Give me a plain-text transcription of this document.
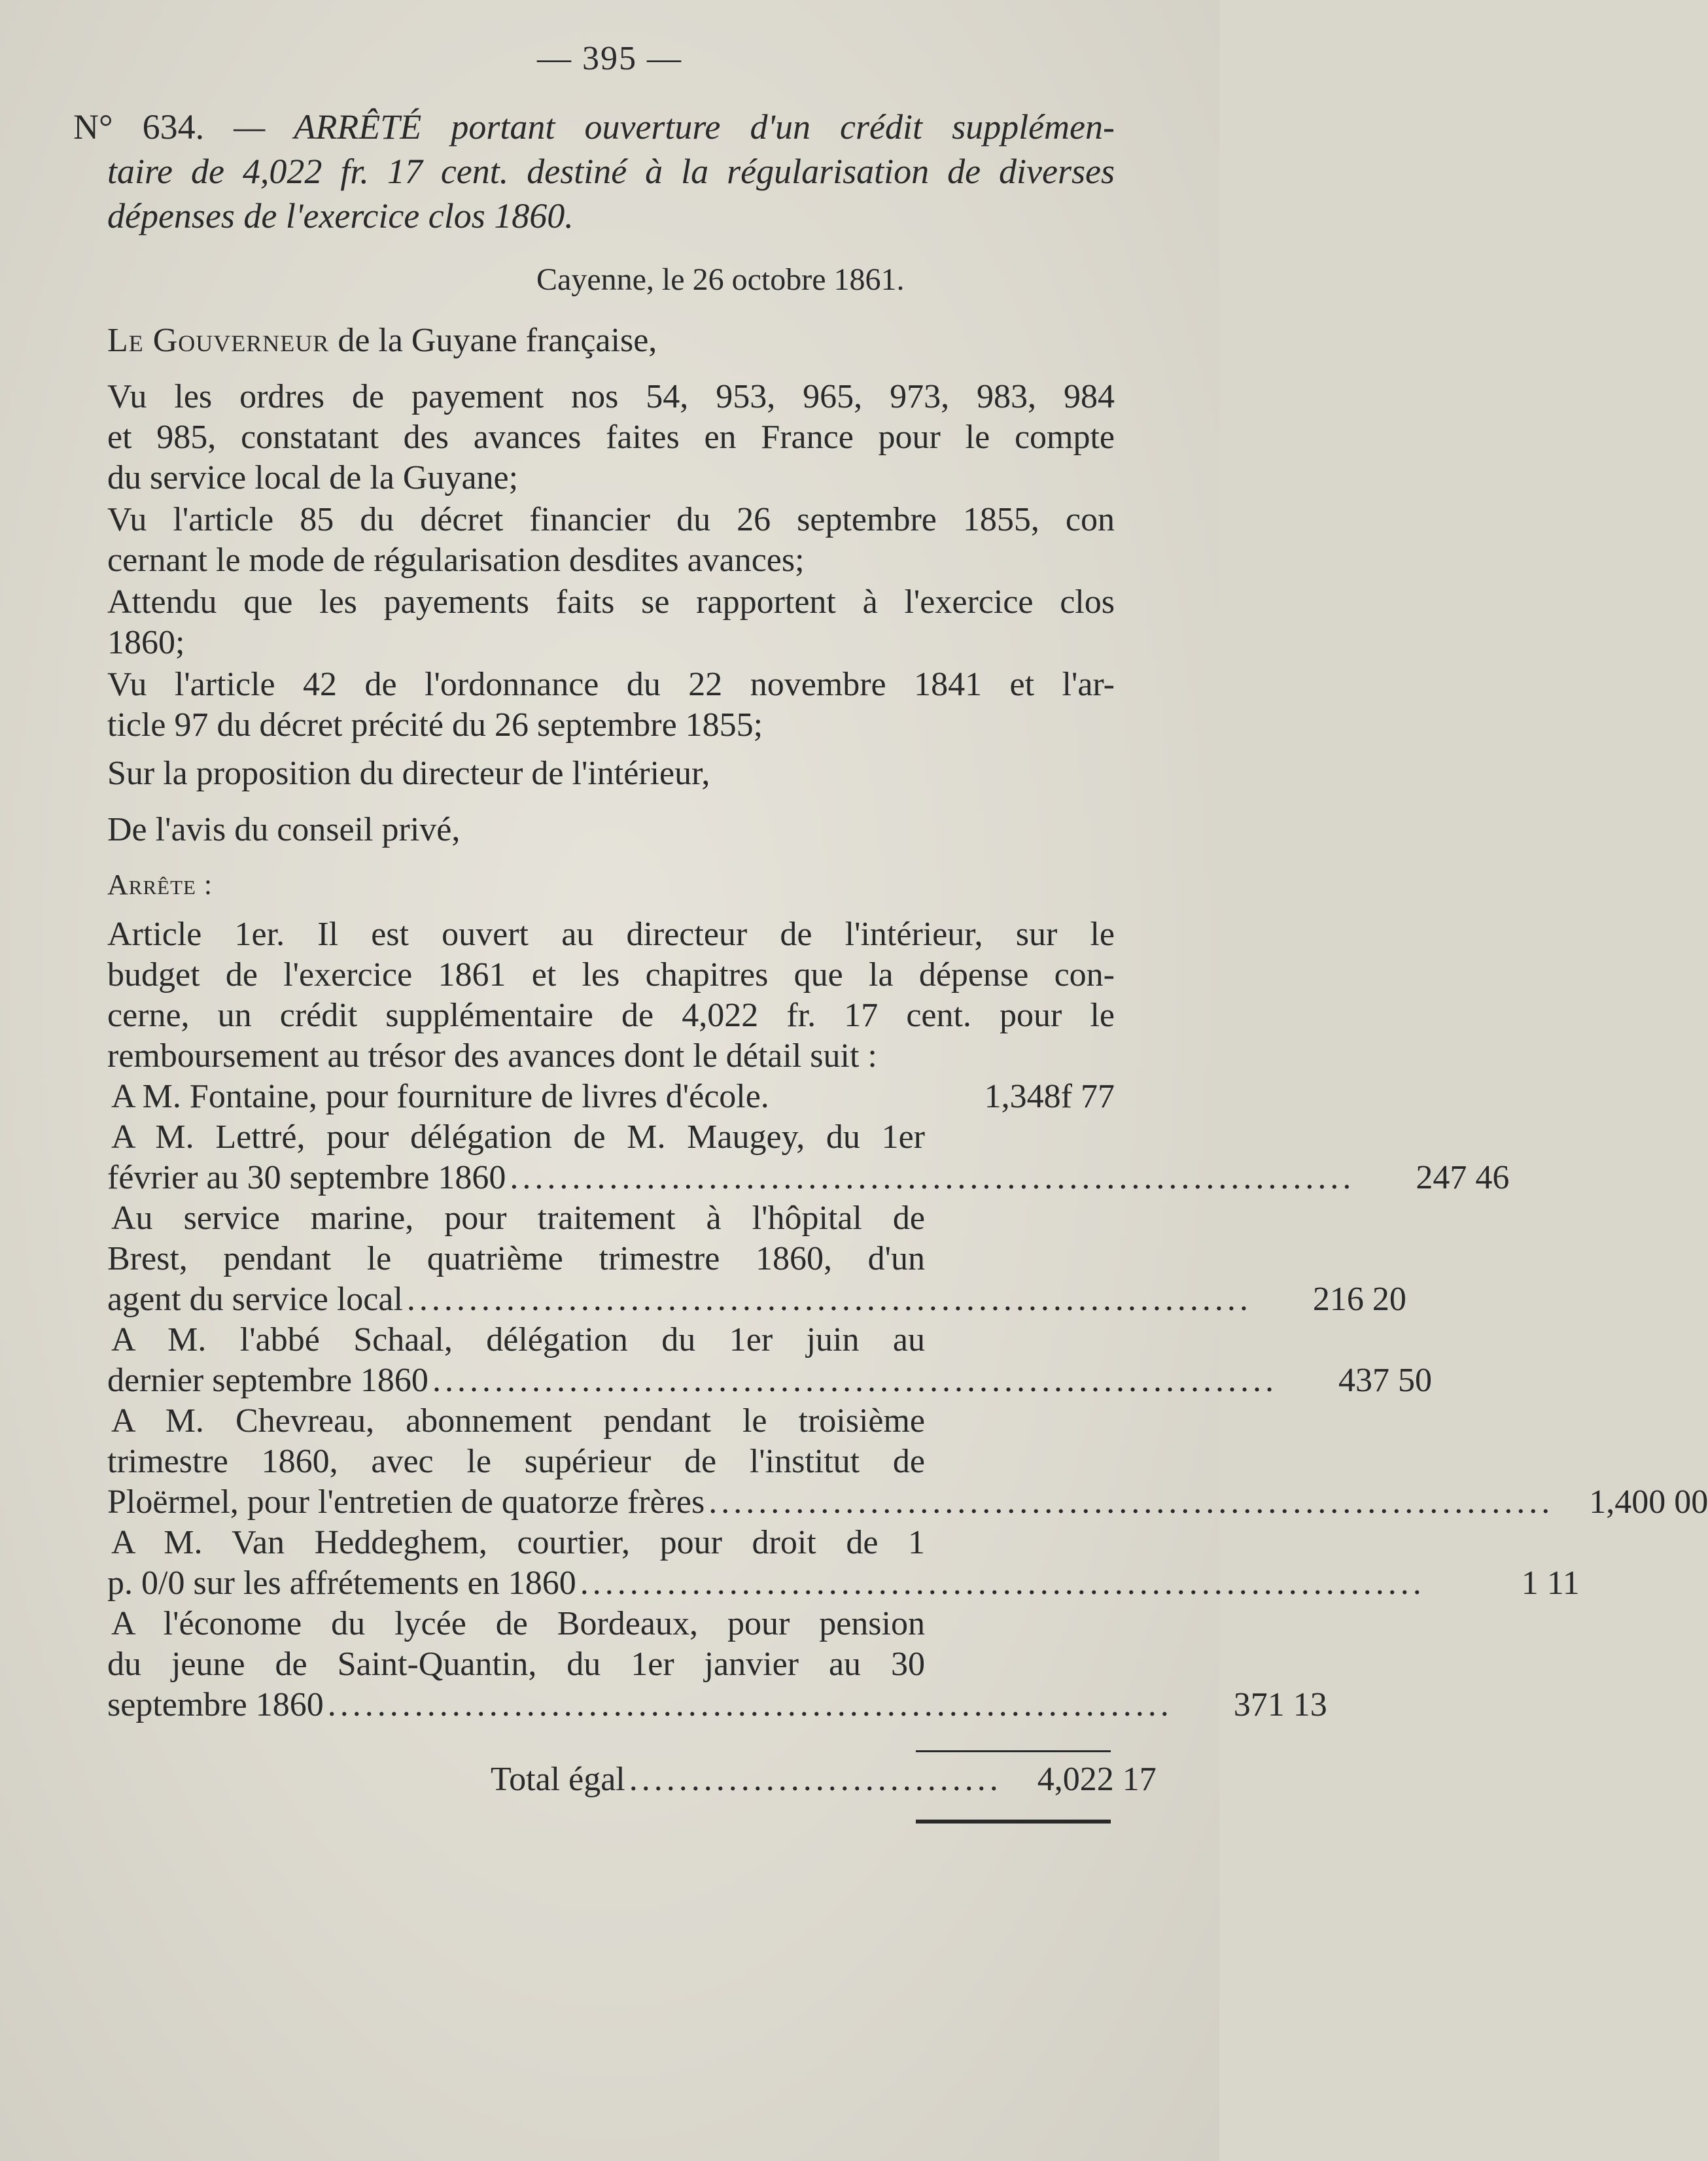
— 395 —
N° 634. — ARRÊTÉ portant ouverture d'un crédit supplémen-
taire de 4,022 fr. 17 cent. destiné à la régularisation de diverses
dépenses de l'exercice clos 1860.
Cayenne, le 26 octobre 1861.
Le Gouverneur de la Guyane française,
Vu les ordres de payement nos 54, 953, 965, 973, 983, 984
et 985, constatant des avances faites en France pour le compte
du service local de la Guyane;
Vu l'article 85 du décret financier du 26 septembre 1855, con
cernant le mode de régularisation desdites avances;
Attendu que les payements faits se rapportent à l'exercice clos
1860;
Vu l'article 42 de l'ordonnance du 22 novembre 1841 et l'ar-
ticle 97 du décret précité du 26 septembre 1855;
Sur la proposition du directeur de l'intérieur,
De l'avis du conseil privé,
Arrête :
Article 1er. Il est ouvert au directeur de l'intérieur, sur le
budget de l'exercice 1861 et les chapitres que la dépense con-
cerne, un crédit supplémentaire de 4,022 fr. 17 cent. pour le
remboursement au trésor des avances dont le détail suit :
A M. Fontaine, pour fourniture de livres d'école.	1,348f 77
A M. Lettré, pour délégation de M. Maugey, du 1er
février au 30 septembre 1860 ....................................................................	247 46
Au service marine, pour traitement à l'hôpital de
Brest, pendant le quatrième trimestre 1860, d'un
agent du service local ....................................................................	216 20
A M. l'abbé Schaal, délégation du 1er juin au
dernier septembre 1860 ....................................................................	437 50
A M. Chevreau, abonnement pendant le troisième
trimestre 1860, avec le supérieur de l'institut de
Ploërmel, pour l'entretien de quatorze frères ....................................................................	1,400 00
A M. Van Heddeghem, courtier, pour droit de 1
p. 0/0 sur les affrétements en 1860 ....................................................................	1 11
A l'économe du lycée de Bordeaux, pour pension
du jeune de Saint-Quantin, du 1er janvier au 30
septembre 1860 ....................................................................	371 13
Total égal ..............................	4,022 17
